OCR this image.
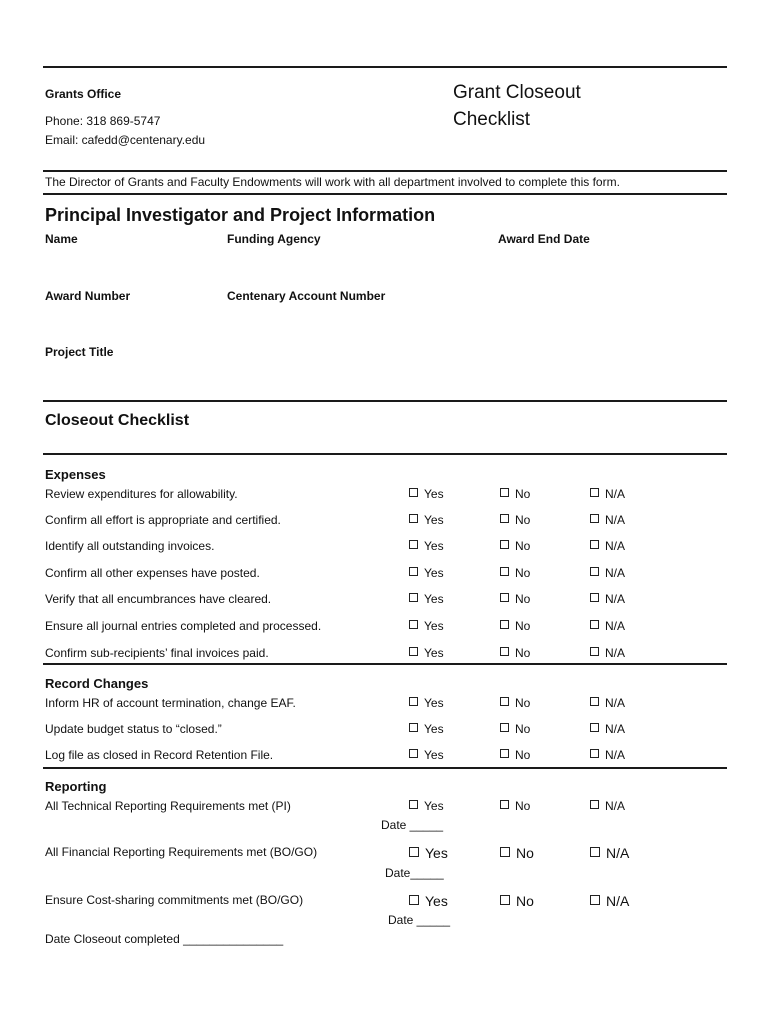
Grants Office
Phone: 318 869-5747
Email: cafedd@centenary.edu
Grant Closeout
Checklist
The Director of Grants and Faculty Endowments will work with all department involved to complete this form.
Principal Investigator and Project Information
Name	Funding Agency	Award End Date
Award Number	Centenary Account Number
Project Title
Closeout Checklist
Expenses
Review expenditures for allowability.	Yes	No	N/A
Confirm all effort is appropriate and certified.	Yes	No	N/A
Identify all outstanding invoices.	Yes	No	N/A
Confirm all other expenses have posted.	Yes	No	N/A
Verify that all encumbrances have cleared.	Yes	No	N/A
Ensure all journal entries completed and processed.	Yes	No	N/A
Confirm sub-recipients’ final invoices paid.	Yes	No	N/A
Record Changes
Inform HR of account termination, change EAF.	Yes	No	N/A
Update budget status to “closed.”	Yes	No	N/A
Log file as closed in Record Retention File.	Yes	No	N/A
Reporting
All Technical Reporting Requirements met (PI)	Yes	No	N/A
Date _____
All Financial Reporting Requirements met (BO/GO)	Yes	No	N/A
Date_____
Ensure Cost-sharing commitments met (BO/GO)	Yes	No	N/A
Date _____
Date Closeout completed _______________
